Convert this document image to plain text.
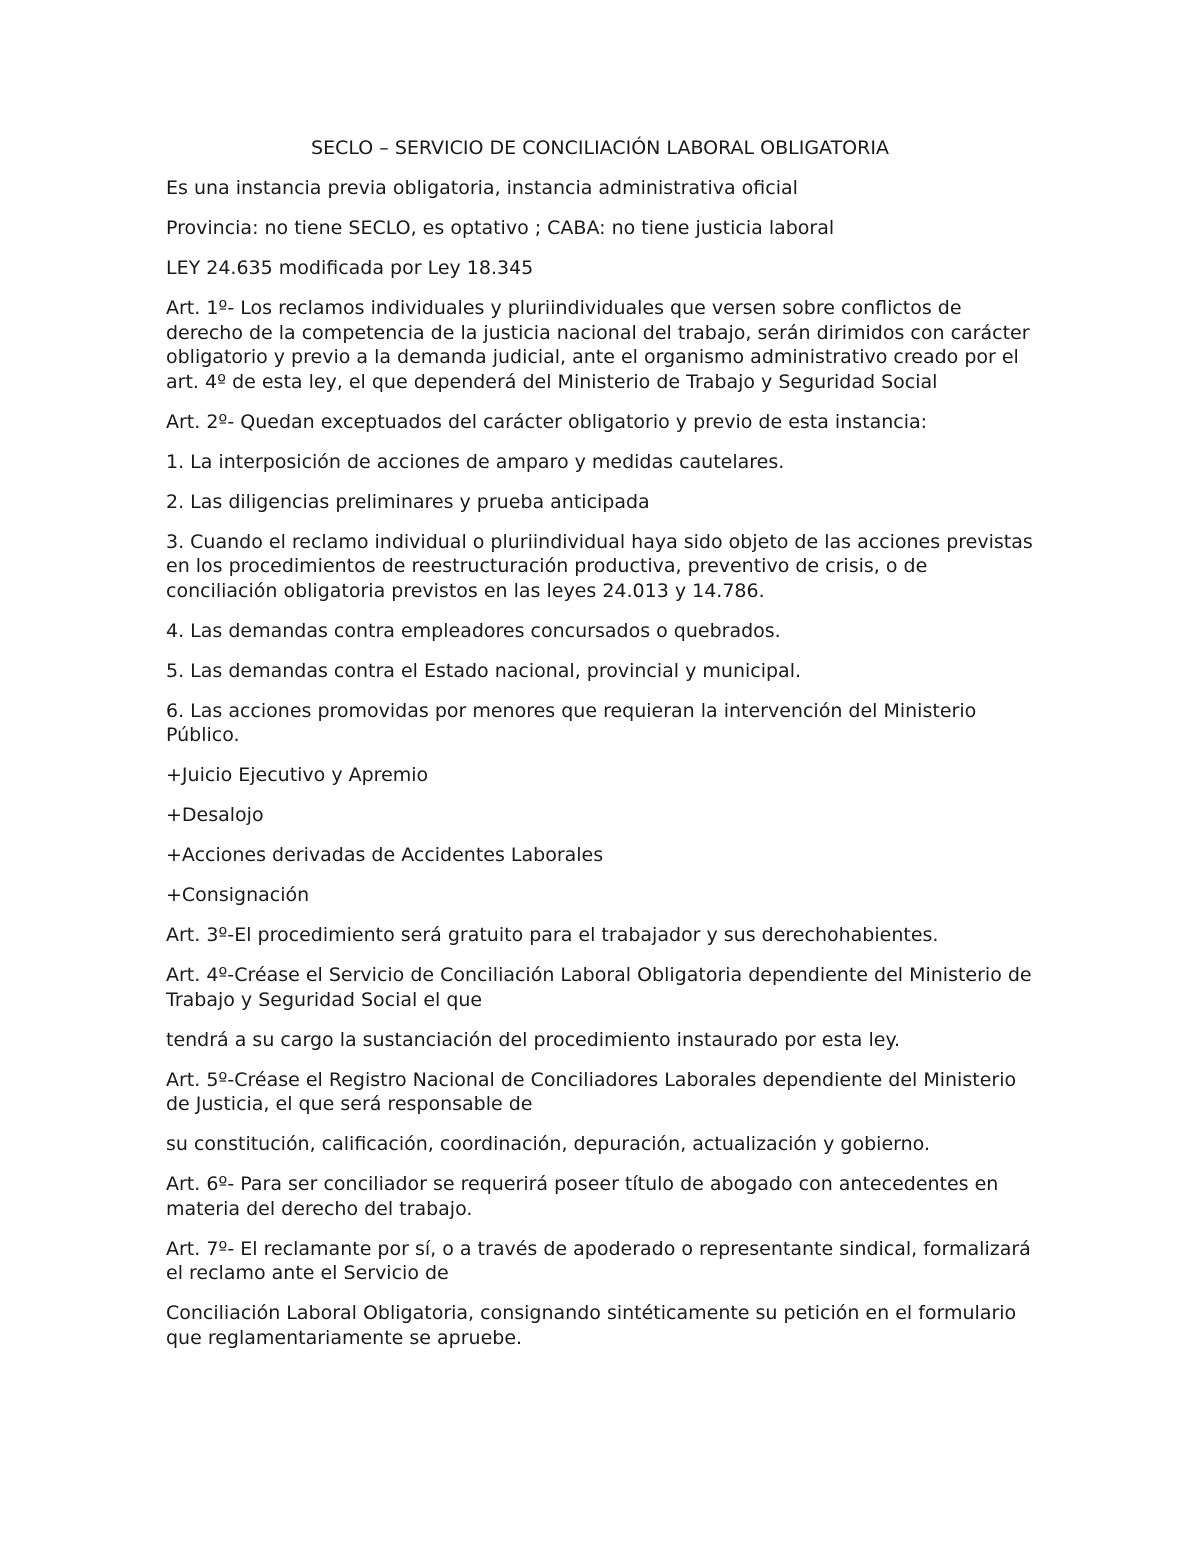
SECLO – SERVICIO DE CONCILIACIÓN LABORAL OBLIGATORIA

Es una instancia previa obligatoria, instancia administrativa oficial

Provincia: no tiene SECLO, es optativo ; CABA: no tiene justicia laboral

LEY 24.635 modificada por Ley 18.345

Art. 1º- Los reclamos individuales y pluriindividuales que versen sobre conflictos de derecho de la competencia de la justicia nacional del trabajo, serán dirimidos con carácter obligatorio y previo a la demanda judicial, ante el organismo administrativo creado por el art. 4º de esta ley, el que dependerá del Ministerio de Trabajo y Seguridad Social

Art. 2º- Quedan exceptuados del carácter obligatorio y previo de esta instancia:

1. La interposición de acciones de amparo y medidas cautelares.

2. Las diligencias preliminares y prueba anticipada

3. Cuando el reclamo individual o pluriindividual haya sido objeto de las acciones previstas en los procedimientos de reestructuración productiva, preventivo de crisis, o de conciliación obligatoria previstos en las leyes 24.013 y 14.786.

4. Las demandas contra empleadores concursados o quebrados.

5. Las demandas contra el Estado nacional, provincial y municipal.

6. Las acciones promovidas por menores que requieran la intervención del Ministerio Público.

+Juicio Ejecutivo y Apremio

+Desalojo

+Acciones derivadas de Accidentes Laborales

+Consignación

Art. 3º-El procedimiento será gratuito para el trabajador y sus derechohabientes.

Art. 4º-Créase el Servicio de Conciliación Laboral Obligatoria dependiente del Ministerio de Trabajo y Seguridad Social el que

tendrá a su cargo la sustanciación del procedimiento instaurado por esta ley.

Art. 5º-Créase el Registro Nacional de Conciliadores Laborales dependiente del Ministerio de Justicia, el que será responsable de

su constitución, calificación, coordinación, depuración, actualización y gobierno.

Art. 6º- Para ser conciliador se requerirá poseer título de abogado con antecedentes en materia del derecho del trabajo.

Art. 7º- El reclamante por sí, o a través de apoderado o representante sindical, formalizará el reclamo ante el Servicio de

Conciliación Laboral Obligatoria, consignando sintéticamente su petición en el formulario que reglamentariamente se apruebe.
